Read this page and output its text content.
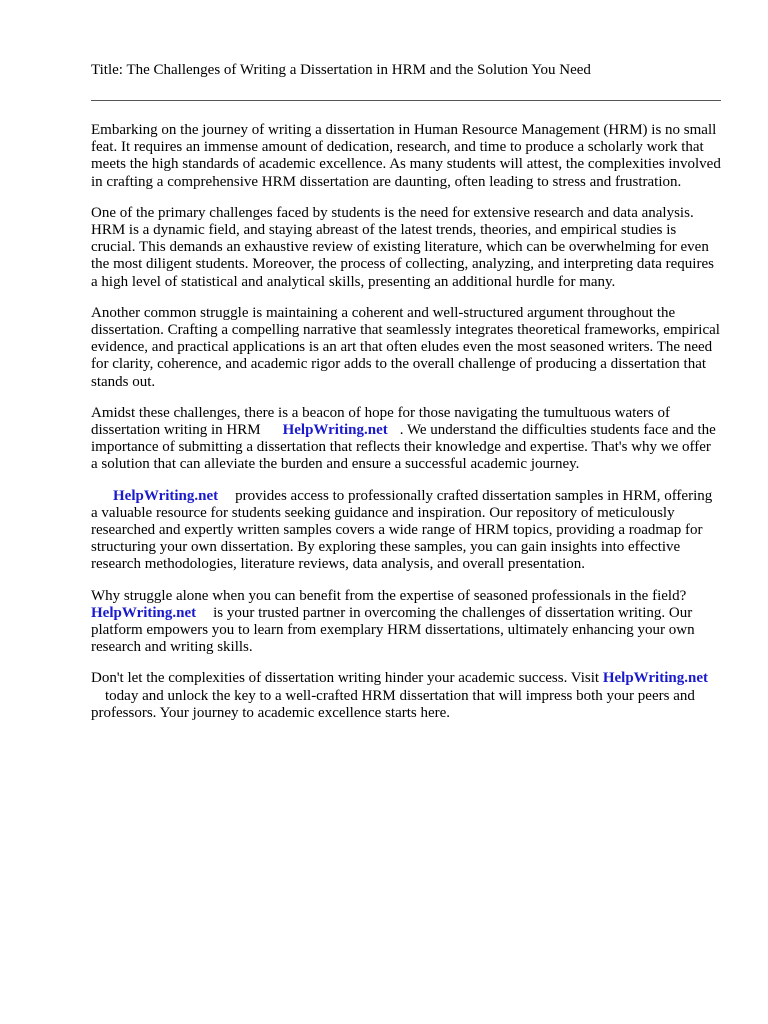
Title: The Challenges of Writing a Dissertation in HRM and the Solution You Need

Embarking on the journey of writing a dissertation in Human Resource Management (HRM) is no small feat. It requires an immense amount of dedication, research, and time to produce a scholarly work that meets the high standards of academic excellence. As many students will attest, the complexities involved in crafting a comprehensive HRM dissertation are daunting, often leading to stress and frustration.

One of the primary challenges faced by students is the need for extensive research and data analysis. HRM is a dynamic field, and staying abreast of the latest trends, theories, and empirical studies is crucial. This demands an exhaustive review of existing literature, which can be overwhelming for even the most diligent students. Moreover, the process of collecting, analyzing, and interpreting data requires a high level of statistical and analytical skills, presenting an additional hurdle for many.

Another common struggle is maintaining a coherent and well-structured argument throughout the dissertation. Crafting a compelling narrative that seamlessly integrates theoretical frameworks, empirical evidence, and practical applications is an art that often eludes even the most seasoned writers. The need for clarity, coherence, and academic rigor adds to the overall challenge of producing a dissertation that stands out.

Amidst these challenges, there is a beacon of hope for those navigating the tumultuous waters of dissertation writing in HRM HelpWriting.net . We understand the difficulties students face and the importance of submitting a dissertation that reflects their knowledge and expertise. That's why we offer a solution that can alleviate the burden and ensure a successful academic journey.

HelpWriting.net provides access to professionally crafted dissertation samples in HRM, offering a valuable resource for students seeking guidance and inspiration. Our repository of meticulously researched and expertly written samples covers a wide range of HRM topics, providing a roadmap for structuring your own dissertation. By exploring these samples, you can gain insights into effective research methodologies, literature reviews, data analysis, and overall presentation.

Why struggle alone when you can benefit from the expertise of seasoned professionals in the field? HelpWriting.net is your trusted partner in overcoming the challenges of dissertation writing. Our platform empowers you to learn from exemplary HRM dissertations, ultimately enhancing your own research and writing skills.

Don't let the complexities of dissertation writing hinder your academic success. Visit HelpWriting.nettoday and unlock the key to a well-crafted HRM dissertation that will impress both your peers and professors. Your journey to academic excellence starts here.
